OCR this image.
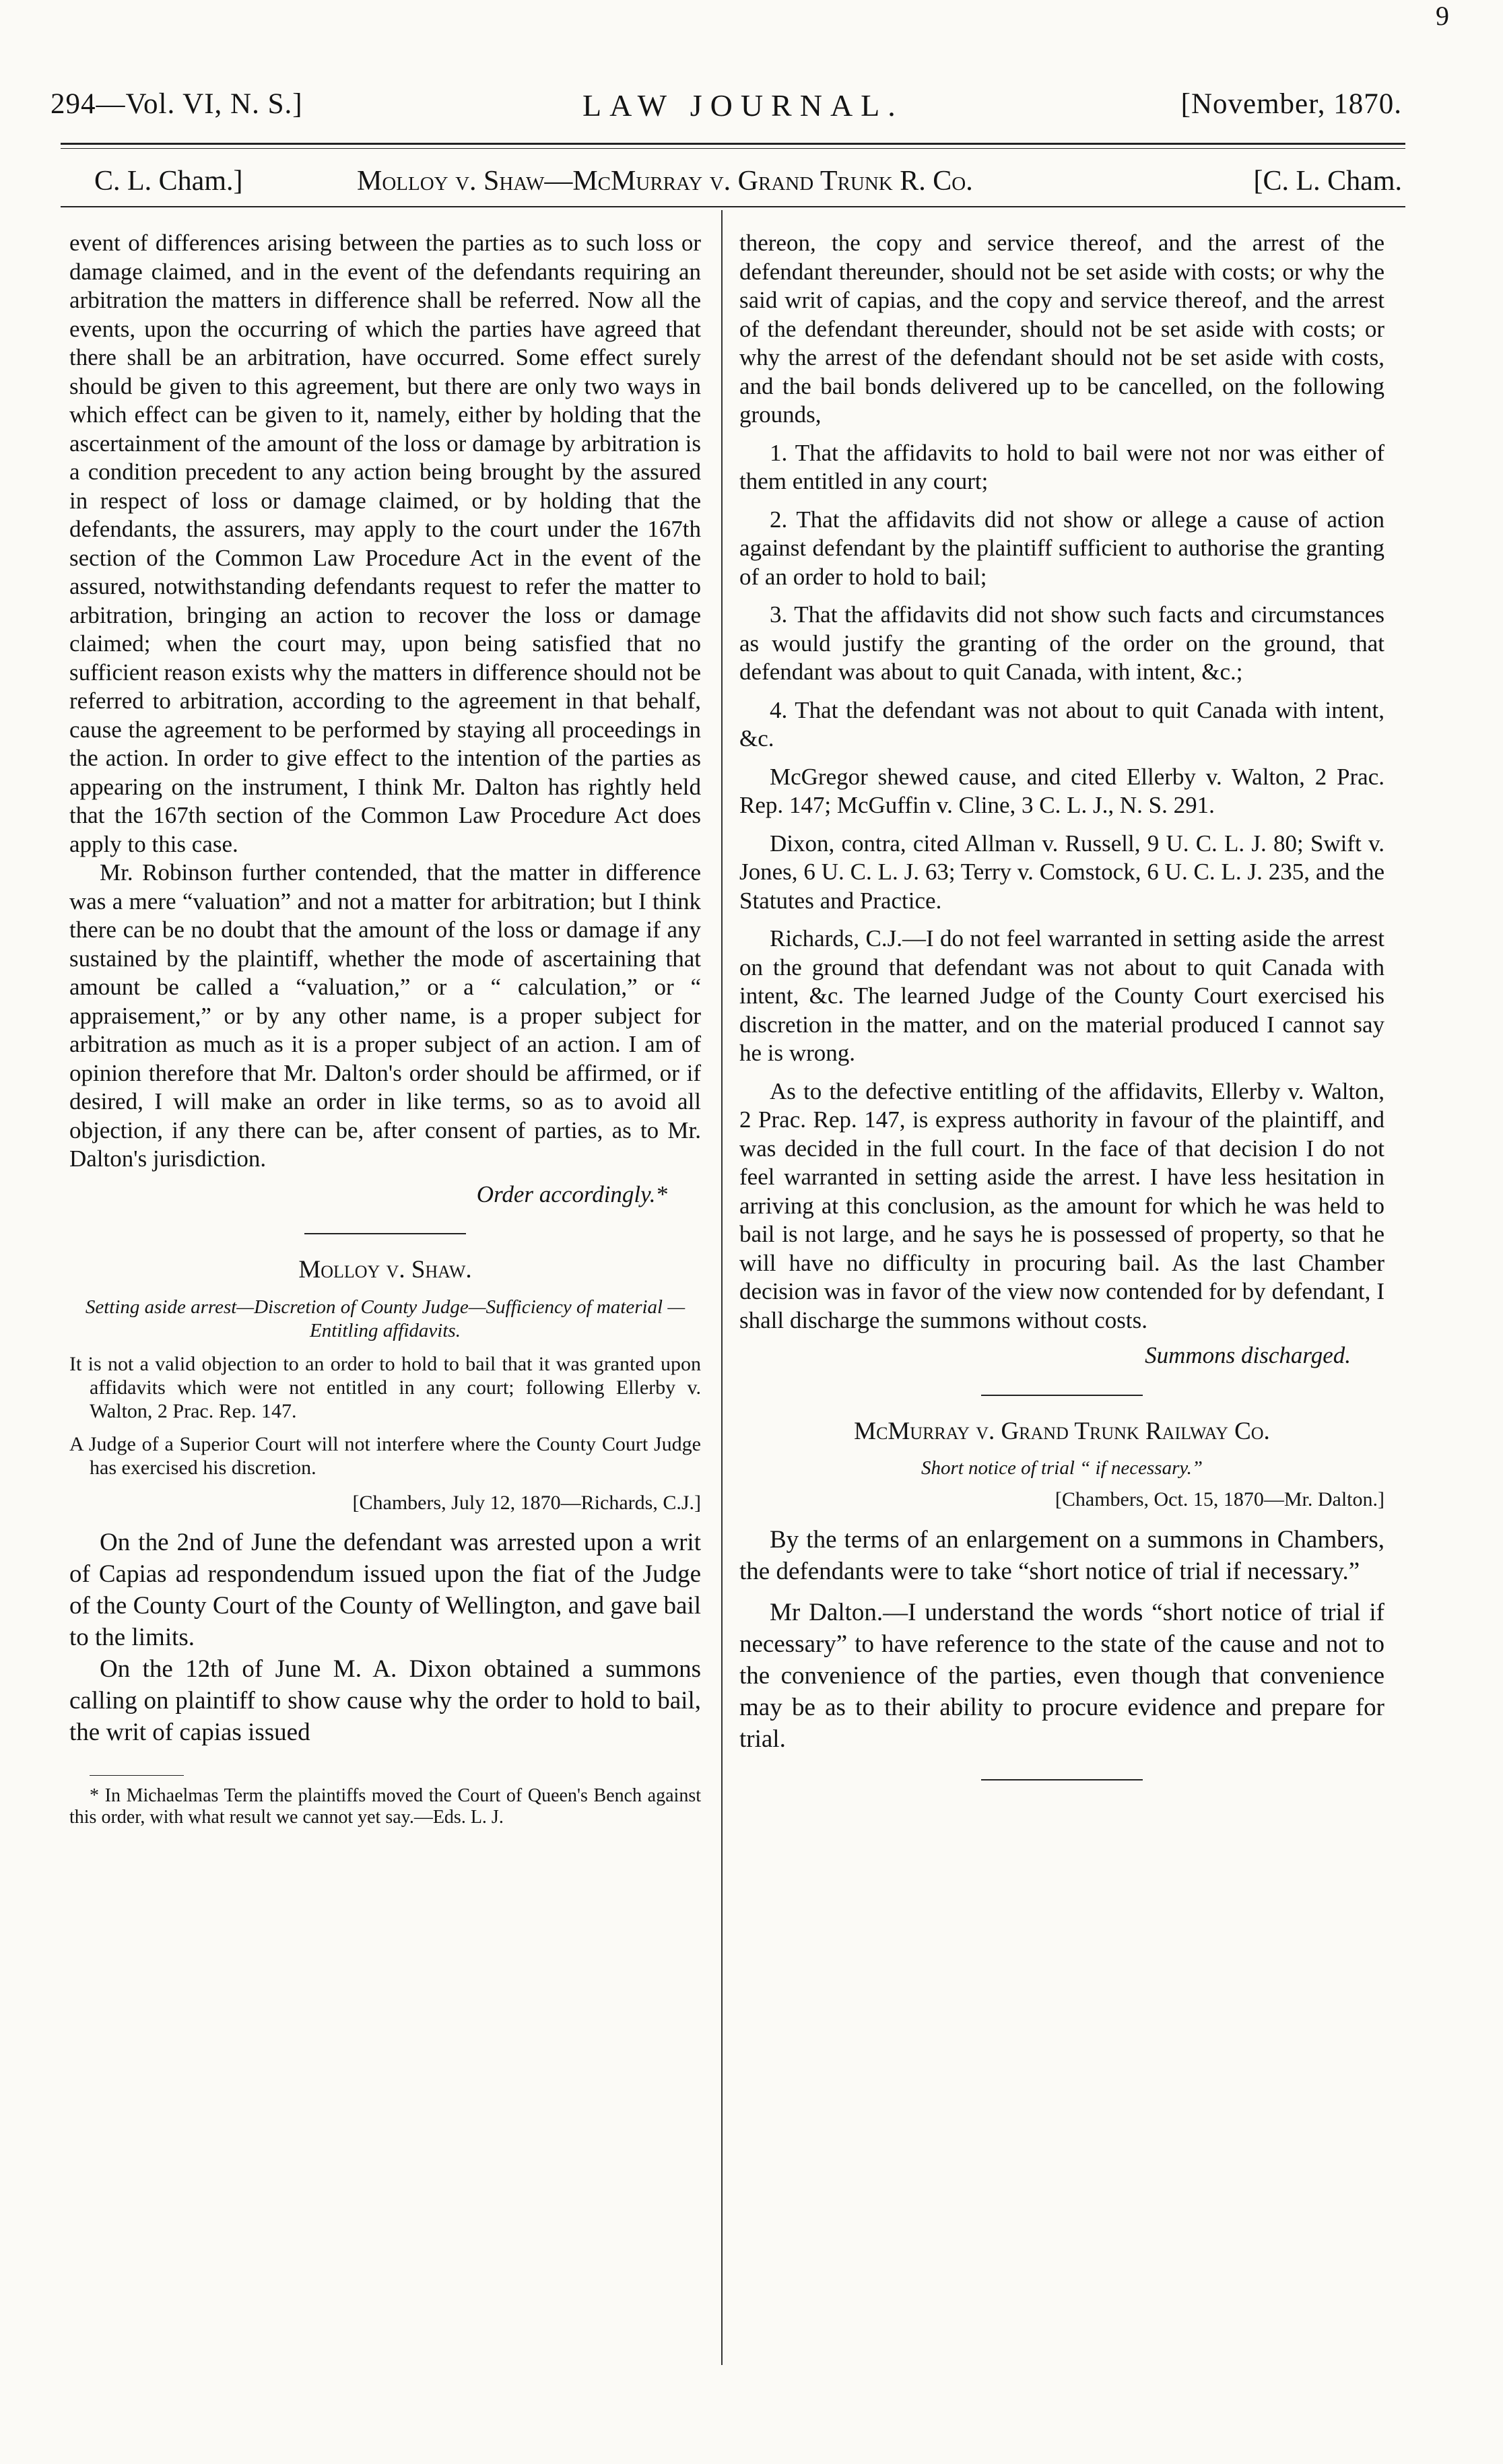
9
294—Vol. VI, N. S.]	LAW JOURNAL.	[November, 1870.
C. L. Cham.]	Molloy v. Shaw—McMurray v. Grand Trunk R. Co.	[C. L. Cham.

event of differences arising between the parties as to such loss or damage claimed, and in the event of the defendants requiring an arbitration the matters in difference shall be referred. Now all the events, upon the occurring of which the parties have agreed that there shall be an arbitration, have occurred. Some effect surely should be given to this agreement, but there are only two ways in which effect can be given to it, namely, either by holding that the ascertainment of the amount of the loss or damage by arbitration is a condition precedent to any action being brought by the assured in respect of loss or damage claimed, or by holding that the defendants, the assurers, may apply to the court under the 167th section of the Common Law Procedure Act in the event of the assured, notwithstanding defendants request to refer the matter to arbitration, bringing an action to recover the loss or damage claimed; when the court may, upon being satisfied that no sufficient reason exists why the matters in difference should not be referred to arbitration, according to the agreement in that behalf, cause the agreement to be performed by staying all proceedings in the action. In order to give effect to the intention of the parties as appearing on the instrument, I think Mr. Dalton has rightly held that the 167th section of the Common Law Procedure Act does apply to this case.

Mr. Robinson further contended, that the matter in difference was a mere “valuation” and not a matter for arbitration; but I think there can be no doubt that the amount of the loss or damage if any sustained by the plaintiff, whether the mode of ascertaining that amount be called a “valuation,” or a “ calculation,” or “ appraisement,” or by any other name, is a proper subject for arbitration as much as it is a proper subject of an action. I am of opinion therefore that Mr. Dalton's order should be affirmed, or if desired, I will make an order in like terms, so as to avoid all objection, if any there can be, after consent of parties, as to Mr. Dalton's jurisdiction.

Order accordingly.*
Molloy v. Shaw.
Setting aside arrest—Discretion of County Judge—Sufficiency of material —Entitling affidavits.

It is not a valid objection to an order to hold to bail that it was granted upon affidavits which were not entitled in any court; following Ellerby v. Walton, 2 Prac. Rep. 147.

A Judge of a Superior Court will not interfere where the County Court Judge has exercised his discretion.

[Chambers, July 12, 1870—Richards, C.J.]

On the 2nd of June the defendant was arrested upon a writ of Capias ad respondendum issued upon the fiat of the Judge of the County Court of the County of Wellington, and gave bail to the limits.

On the 12th of June M. A. Dixon obtained a summons calling on plaintiff to show cause why the order to hold to bail, the writ of capias issued

* In Michaelmas Term the plaintiffs moved the Court of Queen's Bench against this order, with what result we cannot yet say.—Eds. L. J.

thereon, the copy and service thereof, and the arrest of the defendant thereunder, should not be set aside with costs; or why the said writ of capias, and the copy and service thereof, and the arrest of the defendant thereunder, should not be set aside with costs; or why the arrest of the defendant should not be set aside with costs, and the bail bonds delivered up to be cancelled, on the following grounds,

1. That the affidavits to hold to bail were not nor was either of them entitled in any court;

2. That the affidavits did not show or allege a cause of action against defendant by the plaintiff sufficient to authorise the granting of an order to hold to bail;

3. That the affidavits did not show such facts and circumstances as would justify the granting of the order on the ground, that defendant was about to quit Canada, with intent, &c.;

4. That the defendant was not about to quit Canada with intent, &c.

McGregor shewed cause, and cited Ellerby v. Walton, 2 Prac. Rep. 147; McGuffin v. Cline, 3 C. L. J., N. S. 291.

Dixon, contra, cited Allman v. Russell, 9 U. C. L. J. 80; Swift v. Jones, 6 U. C. L. J. 63; Terry v. Comstock, 6 U. C. L. J. 235, and the Statutes and Practice.

Richards, C.J.—I do not feel warranted in setting aside the arrest on the ground that defendant was not about to quit Canada with intent, &c. The learned Judge of the County Court exercised his discretion in the matter, and on the material produced I cannot say he is wrong.

As to the defective entitling of the affidavits, Ellerby v. Walton, 2 Prac. Rep. 147, is express authority in favour of the plaintiff, and was decided in the full court. In the face of that decision I do not feel warranted in setting aside the arrest. I have less hesitation in arriving at this conclusion, as the amount for which he was held to bail is not large, and he says he is possessed of property, so that he will have no difficulty in procuring bail. As the last Chamber decision was in favor of the view now contended for by defendant, I shall discharge the summons without costs.

Summons discharged.
McMurray v. Grand Trunk Railway Co.
Short notice of trial “ if necessary.”
[Chambers, Oct. 15, 1870—Mr. Dalton.]

By the terms of an enlargement on a summons in Chambers, the defendants were to take “short notice of trial if necessary.”

Mr Dalton.—I understand the words “short notice of trial if necessary” to have reference to the state of the cause and not to the convenience of the parties, even though that convenience may be as to their ability to procure evidence and prepare for trial.
